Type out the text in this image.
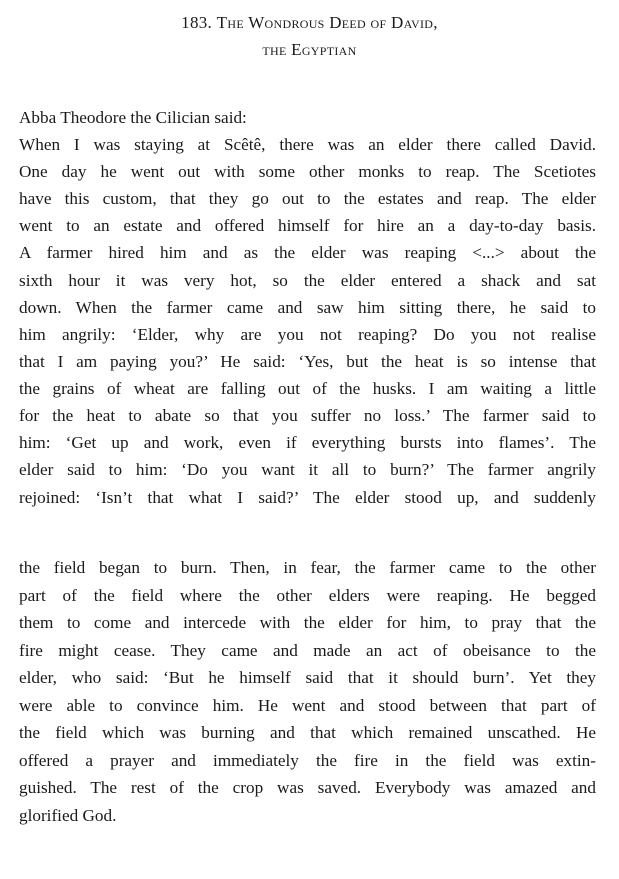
183. The Wondrous Deed of David,
the Egyptian
Abba Theodore the Cilician said:
When I was staying at Scêtê, there was an elder there called David.
One day he went out with some other monks to reap. The Scetiotes
have this custom, that they go out to the estates and reap. The elder
went to an estate and offered himself for hire an a day-to-day basis.
A farmer hired him and as the elder was reaping <...> about the
sixth hour it was very hot, so the elder entered a shack and sat
down. When the farmer came and saw him sitting there, he said to
him angrily: ‘Elder, why are you not reaping? Do you not realise
that I am paying you?’ He said: ‘Yes, but the heat is so intense that
the grains of wheat are falling out of the husks. I am waiting a little
for the heat to abate so that you suffer no loss.’ The farmer said to
him: ‘Get up and work, even if everything bursts into flames’. The
elder said to him: ‘Do you want it all to burn?’ The farmer angrily
rejoined: ‘Isn’t that what I said?’ The elder stood up, and suddenly
the field began to burn. Then, in fear, the farmer came to the other
part of the field where the other elders were reaping. He begged
them to come and intercede with the elder for him, to pray that the
fire might cease. They came and made an act of obeisance to the
elder, who said: ‘But he himself said that it should burn’. Yet they
were able to convince him. He went and stood between that part of
the field which was burning and that which remained unscathed. He
offered a prayer and immediately the fire in the field was extin-
guished. The rest of the crop was saved. Everybody was amazed and
glorified God.
